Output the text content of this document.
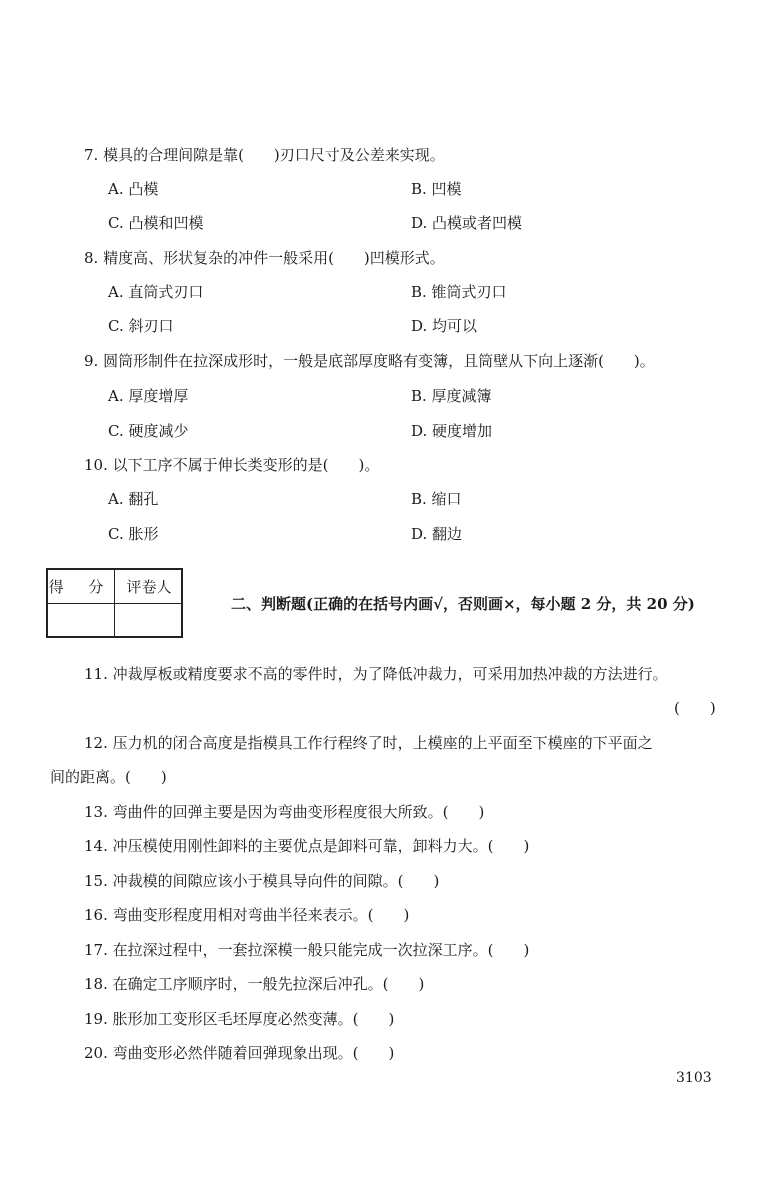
7. 模具的合理间隙是靠(　　)刃口尺寸及公差来实现。
A. 凸模	B. 凹模
C. 凸模和凹模	D. 凸模或者凹模
8. 精度高、形状复杂的冲件一般采用(　　)凹模形式。
A. 直筒式刃口	B. 锥筒式刃口
C. 斜刃口	D. 均可以
9. 圆筒形制件在拉深成形时，一般是底部厚度略有变簿，且筒壁从下向上逐渐(　　)。
A. 厚度增厚	B. 厚度减簿
C. 硬度减少	D. 硬度增加
10. 以下工序不属于伸长类变形的是(　　)。
A. 翻孔	B. 缩口
C. 胀形	D. 翻边
得 分 评卷人
二、判断题(正确的在括号内画√，否则画×，每小题 2 分，共 20 分)
11. 冲裁厚板或精度要求不高的零件时，为了降低冲裁力，可采用加热冲裁的方法进行。
(　　)
12. 压力机的闭合高度是指模具工作行程终了时，上模座的上平面至下模座的下平面之
间的距离。(　　)
13. 弯曲件的回弹主要是因为弯曲变形程度很大所致。(　　)
14. 冲压模使用刚性卸料的主要优点是卸料可靠，卸料力大。(　　)
15. 冲裁模的间隙应该小于模具导向件的间隙。(　　)
16. 弯曲变形程度用相对弯曲半径来表示。(　　)
17. 在拉深过程中，一套拉深模一般只能完成一次拉深工序。(　　)
18. 在确定工序顺序时，一般先拉深后冲孔。(　　)
19. 胀形加工变形区毛坯厚度必然变薄。(　　)
20. 弯曲变形必然伴随着回弹现象出现。(　　)
3103
